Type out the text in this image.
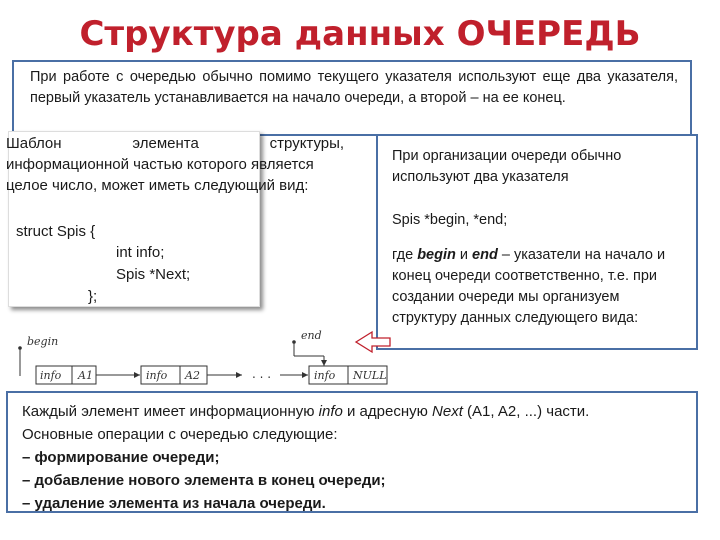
Структура данных ОЧЕРЕДЬ
При работе с очередью обычно помимо текущего указателя используют еще два указателя, первый указатель устанавливается на начало очереди, а второй – на ее конец.
Шаблон                 элемента                 структуры,
информационной частью которого является
целое число, может иметь следующий вид:
struct Spis {
int info;
Spis *Next;
};

При организации очереди обычно используют два указателя

Spis *begin, *end;

где begin и end – указатели на начало и конец очереди соответственно, т.е. при создании очереди мы организуем структуру данных следующего вида:

begin
info A1	info A2	. . .
end
info NULL
Каждый элемент имеет информационную info и адресную Next (A1, A2, ...) части.
Основные операции с очередью следующие:
– формирование очереди;
– добавление нового элемента в конец очереди;
– удаление элемента из начала очереди.
